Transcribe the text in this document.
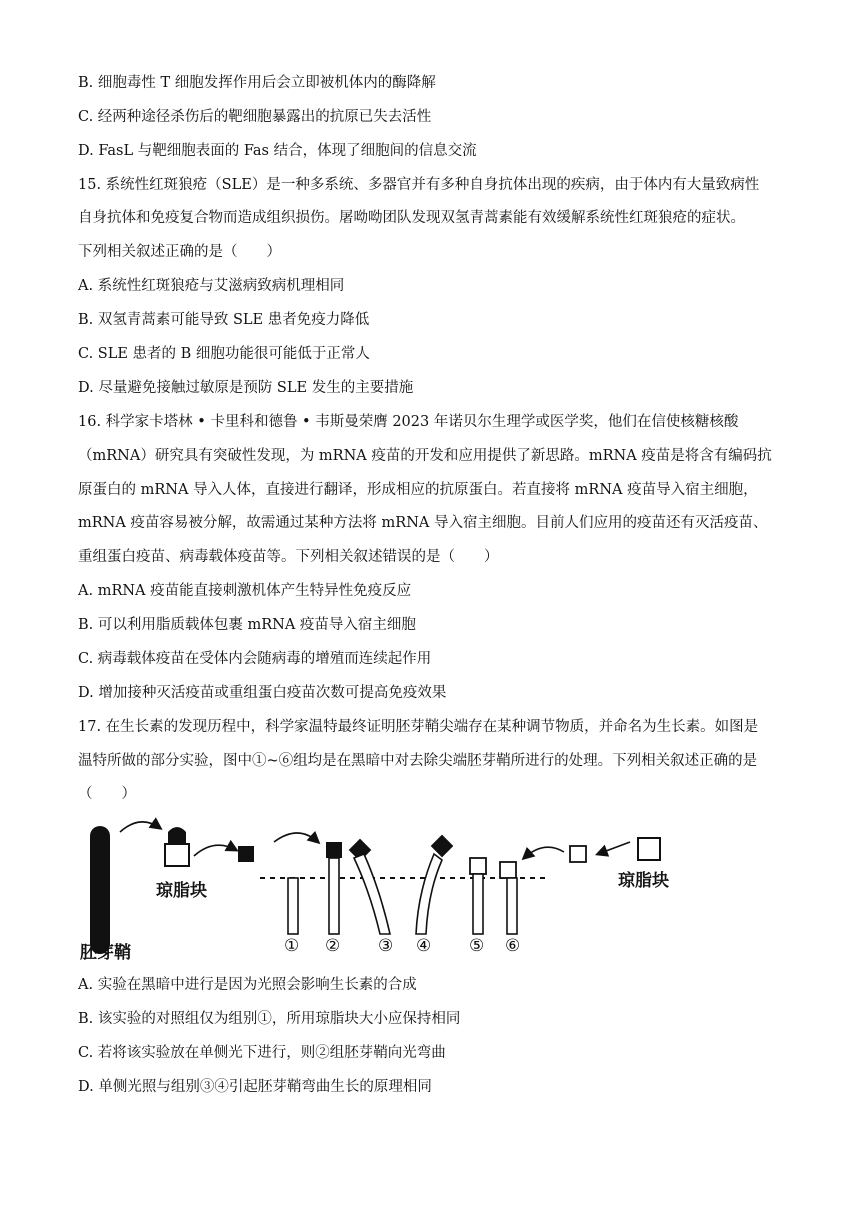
B. 细胞毒性 T 细胞发挥作用后会立即被机体内的酶降解
C. 经两种途径杀伤后的靶细胞暴露出的抗原已失去活性
D. FasL 与靶细胞表面的 Fas 结合，体现了细胞间的信息交流
15. 系统性红斑狼疮（SLE）是一种多系统、多器官并有多种自身抗体出现的疾病，由于体内有大量致病性
自身抗体和免疫复合物而造成组织损伤。屠呦呦团队发现双氢青蒿素能有效缓解系统性红斑狼疮的症状。
下列相关叙述正确的是（　　）
A. 系统性红斑狼疮与艾滋病致病机理相同
B. 双氢青蒿素可能导致 SLE 患者免疫力降低
C. SLE 患者的 B 细胞功能很可能低于正常人
D. 尽量避免接触过敏原是预防 SLE 发生的主要措施
16. 科学家卡塔林 • 卡里科和德鲁 • 韦斯曼荣膺 2023 年诺贝尔生理学或医学奖，他们在信使核糖核酸
（mRNA）研究具有突破性发现，为 mRNA 疫苗的开发和应用提供了新思路。mRNA 疫苗是将含有编码抗
原蛋白的 mRNA 导入人体，直接进行翻译，形成相应的抗原蛋白。若直接将 mRNA 疫苗导入宿主细胞，
mRNA 疫苗容易被分解，故需通过某种方法将 mRNA 导入宿主细胞。目前人们应用的疫苗还有灭活疫苗、
重组蛋白疫苗、病毒载体疫苗等。下列相关叙述错误的是（　　）
A. mRNA 疫苗能直接刺激机体产生特异性免疫反应
B. 可以利用脂质载体包裹 mRNA 疫苗导入宿主细胞
C. 病毒载体疫苗在受体内会随病毒的增殖而连续起作用
D. 增加接种灭活疫苗或重组蛋白疫苗次数可提高免疫效果
17. 在生长素的发现历程中，科学家温特最终证明胚芽鞘尖端存在某种调节物质，并命名为生长素。如图是
温特所做的部分实验，图中①~⑥组均是在黑暗中对去除尖端胚芽鞘所进行的处理。下列相关叙述正确的是
（　　）
琼脂块	琼脂块
胚芽鞘	① ② ③ ④ ⑤ ⑥
A. 实验在黑暗中进行是因为光照会影响生长素的合成
B. 该实验的对照组仅为组别①，所用琼脂块大小应保持相同
C. 若将该实验放在单侧光下进行，则②组胚芽鞘向光弯曲
D. 单侧光照与组别③④引起胚芽鞘弯曲生长的原理相同
